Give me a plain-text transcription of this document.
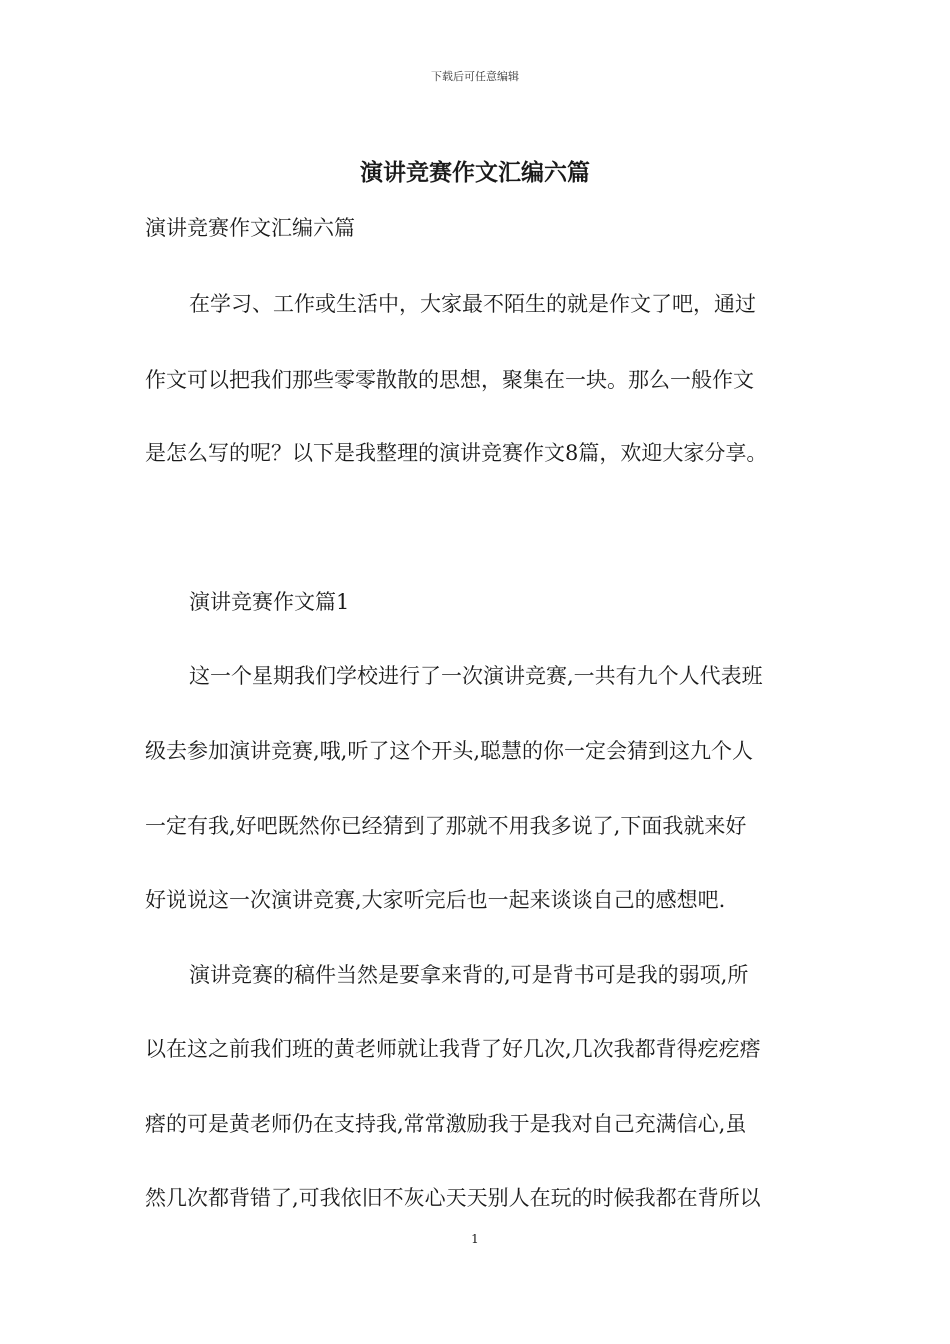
下载后可任意编辑
演讲竞赛作文汇编六篇
演讲竞赛作文汇编六篇
在学习、工作或生活中，大家最不陌生的就是作文了吧，通过
作文可以把我们那些零零散散的思想，聚集在一块。那么一般作文
是怎么写的呢？以下是我整理的演讲竞赛作文8篇，欢迎大家分享。
演讲竞赛作文篇1
这一个星期我们学校进行了一次演讲竞赛,一共有九个人代表班
级去参加演讲竞赛,哦,听了这个开头,聪慧的你一定会猜到这九个人
一定有我,好吧既然你已经猜到了那就不用我多说了,下面我就来好
好说说这一次演讲竞赛,大家听完后也一起来谈谈自己的感想吧.
演讲竞赛的稿件当然是要拿来背的,可是背书可是我的弱项,所
以在这之前我们班的黄老师就让我背了好几次,几次我都背得疙疙瘩
瘩的可是黄老师仍在支持我,常常激励我于是我对自己充满信心,虽
然几次都背错了,可我依旧不灰心天天别人在玩的时候我都在背所以
1
